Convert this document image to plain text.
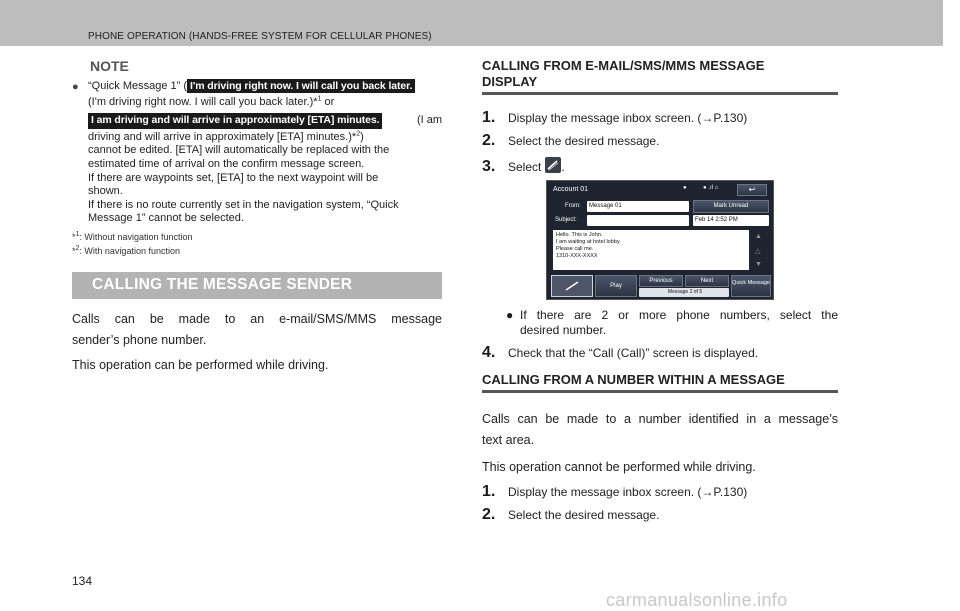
PHONE OPERATION (HANDS-FREE SYSTEM FOR CELLULAR PHONES)
NOTE
● “Quick Message 1” ( I'm driving right now. I will call you back later.
(I'm driving right now. I will call you back later.)*$^1$ or
I am driving and will arrive in approximately [ETA] minutes.	(I am
driving and will arrive in approximately [ETA] minutes.)*$^2$)
cannot be edited. [ETA] will automatically be replaced with the
estimated time of arrival on the confirm message screen.
If there are waypoints set, [ETA] to the next waypoint will be
shown.
If there is no route currently set in the navigation system, “Quick
Message 1” cannot be selected.
*$^1$: Without navigation function
*$^2$: With navigation function
CALLING THE MESSAGE SENDER
Calls can be made to an e-mail/SMS/MMS message
sender’s phone number.
This operation can be performed while driving.
CALLING FROM E-MAIL/SMS/MMS MESSAGE
DISPLAY
1.	Display the message inbox screen. (→P.130)
2.	Select the desired message.
3.	Select .
Account 01	●	● .ıl ⌂	↩
From:	Message 01	Mark Unread
Subject:	Feb 14 2:52 PM
Hello. This is John.
I am waiting at hotel lobby.
Please call me.
1310-XXX-XXXX
▲
△
▼
Play
Previous	Next
Message 2 of 5
Quick Message
● If there are 2 or more phone numbers, select the
desired number.
4.	Check that the “Call (Call)” screen is displayed.
CALLING FROM A NUMBER WITHIN A MESSAGE
Calls can be made to a number identified in a message’s
text area.
This operation cannot be performed while driving.
1.	Display the message inbox screen. (→P.130)
2.	Select the desired message.
134
carmanualsonline.info
